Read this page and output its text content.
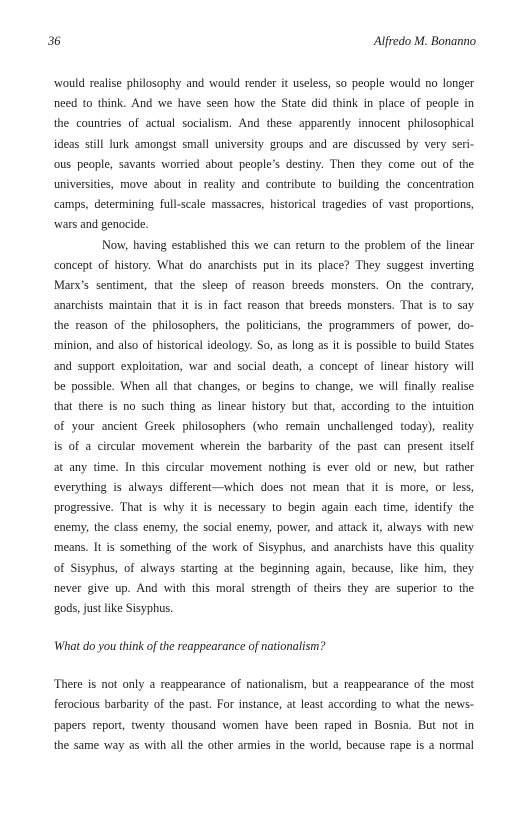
36	Alfredo M. Bonanno
would realise philosophy and would render it useless, so people would no longer
need to think. And we have seen how the State did think in place of people in
the countries of actual socialism. And these apparently innocent philosophical
ideas still lurk amongst small university groups and are discussed by very seri-
ous people, savants worried about people’s destiny. Then they come out of the
universities, move about in reality and contribute to building the concentration
camps, determining full-scale massacres, historical tragedies of vast proportions,
wars and genocide.
Now, having established this we can return to the problem of the linear
concept of history. What do anarchists put in its place? They suggest inverting
Marx’s sentiment, that the sleep of reason breeds monsters. On the contrary,
anarchists maintain that it is in fact reason that breeds monsters. That is to say
the reason of the philosophers, the politicians, the programmers of power, do-
minion, and also of historical ideology. So, as long as it is possible to build States
and support exploitation, war and social death, a concept of linear history will
be possible. When all that changes, or begins to change, we will finally realise
that there is no such thing as linear history but that, according to the intuition
of your ancient Greek philosophers (who remain unchallenged today), reality
is of a circular movement wherein the barbarity of the past can present itself
at any time. In this circular movement nothing is ever old or new, but rather
everything is always different—which does not mean that it is more, or less,
progressive. That is why it is necessary to begin again each time, identify the
enemy, the class enemy, the social enemy, power, and attack it, always with new
means. It is something of the work of Sisyphus, and anarchists have this quality
of Sisyphus, of always starting at the beginning again, because, like him, they
never give up. And with this moral strength of theirs they are superior to the
gods, just like Sisyphus.
What do you think of the reappearance of nationalism?
There is not only a reappearance of nationalism, but a reappearance of the most
ferocious barbarity of the past. For instance, at least according to what the news-
papers report, twenty thousand women have been raped in Bosnia. But not in
the same way as with all the other armies in the world, because rape is a normal
